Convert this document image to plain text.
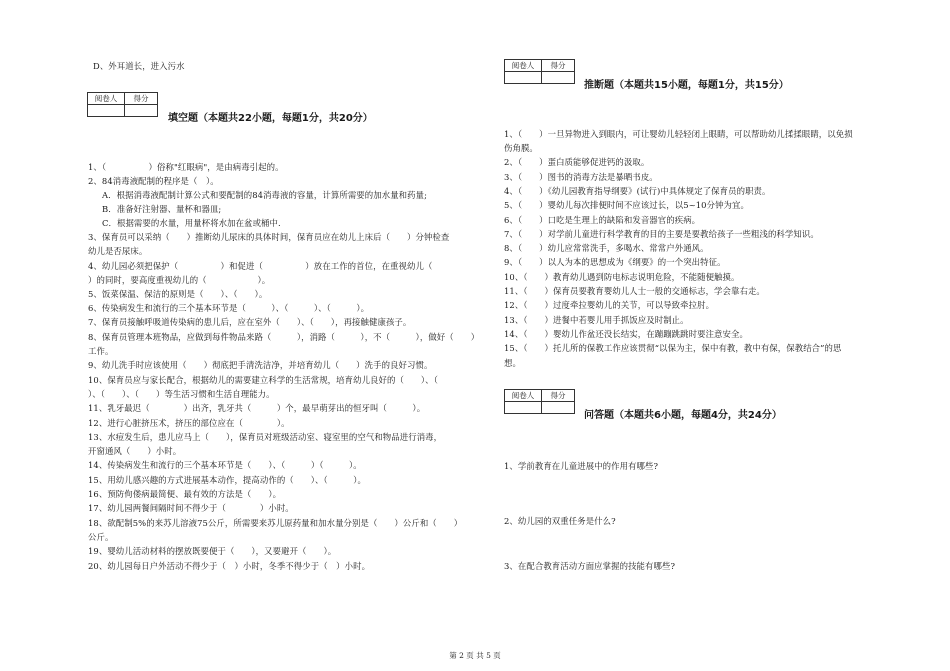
D、外耳道长，进入污水
阅卷人	得分

填空题（本题共22小题，每题1分，共20分）
1、（　　　　　）俗称"红眼病"，是由病毒引起的。
2、84消毒液配制的程序是（　）。
A．根据消毒液配制计算公式和要配制的84消毒液的容量，计算所需要的加水量和药量;
B．准备好注射器、量杯和器皿;
C．根据需要的水量，用量杯将水加在盆或桶中.
3、保育员可以采纳（　　）推断幼儿尿床的具体时间，保育员应在幼儿上床后（　　）分钟检查
幼儿是否尿床。
4、幼儿园必须把保护（　　　　　）和促进（　　　　　）放在工作的首位，在重视幼儿（
）的同时，要高度重视幼儿的（　　　　　　）。
5、饭菜保温、保洁的原则是（　　）、（　　）。
6、传染病发生和流行的三个基本环节是（　　　）、（　　　）、（　　　）。
7、保育员接触呼吸道传染病的患儿后，应在室外（　　）、（　　），再接触健康孩子。
8、保育员管理本班物品，应做到每件物品来路（　　　），消路（　　　），不（　　　），做好（　　）
工作。
9、幼儿洗手时应该使用（　　）彻底把手清洗洁净，并培育幼儿（　　）洗手的良好习惯。
10、保育员应与家长配合，根据幼儿的需要建立科学的生活常规，培育幼儿良好的（　　）、（
）、（　　）、（　　）等生活习惯和生活自理能力。
11、乳牙最迟（　　　　）出齐，乳牙共（　　　）个，最早萌芽出的恒牙叫（　　　）。
12、进行心脏挤压术，挤压的部位应在（　　　　）。
13、水痘发生后，患儿应马上（　　），保育员对班级活动室、寝室里的空气和物品进行消毒，
开窗通风（　　）小时。
14、传染病发生和流行的三个基本环节是（　　）、（　　　）（　　　）。
15、用幼儿感兴趣的方式进展基本动作，提高动作的（　　）、（　　　）。
16、预防佝偻病最简便、最有效的方法是（　　）。
17、幼儿园两餐间隔时间不得少于（　　　　）小时。
18、欲配制5%的来苏儿溶液75公斤，所需要来苏儿原药量和加水量分别是（　　）公斤和（　　）
公斤。
19、婴幼儿活动材料的摆放既要便于（　　），又要避开（　　）。
20、幼儿园每日户外活动不得少于（　）小时，冬季不得少于（　）小时。
阅卷人	得分

推断题（本题共15小题，每题1分，共15分）
1、（　　）一旦异物进入到眼内，可让婴幼儿轻轻闭上眼睛，可以帮助幼儿揉揉眼睛，以免损
伤角膜。
2、（　　）蛋白质能够促进钙的汲取。
3、（　　）图书的消毒方法是暴晒书皮。
4、（　　）《幼儿园教育指导纲要》(试行)中具体规定了保育员的职责。
5、（　　）婴幼儿每次排便时间不应该过长，以5~10分钟为宜。
6、（　　）口吃是生理上的缺陷和发音器官的疾病。
7、（　　）对学前儿童进行科学教育的目的主要是要教给孩子一些粗浅的科学知识。
8、（　　）幼儿应常常洗手，多喝水、常常户外通风。
9、（　　）以人为本的思想成为《纲要》的一个突出特征。
10、（　　）教育幼儿遇到防电标志说明危险，不能随便触摸。
11、（　　）保育员要教育婴幼儿人士一般的交通标志，学会靠右走。
12、（　　）过度牵拉婴幼儿的关节，可以导致牵拉肘。
13、（　　）进餐中若婴儿用手抓饭应及时制止。
14、（　　）婴幼儿作盆还没长结实，在蹦蹦跳跳时要注意安全。
15、（　　）托儿所的保教工作应该贯彻“以保为主，保中有教，教中有保，保教结合”的思
想。
阅卷人	得分

问答题（本题共6小题，每题4分，共24分）
1、学前教育在儿童进展中的作用有哪些?
2、幼儿园的双重任务是什么?
3、在配合教育活动方面应掌握的技能有哪些?
第 2 页 共 5 页
